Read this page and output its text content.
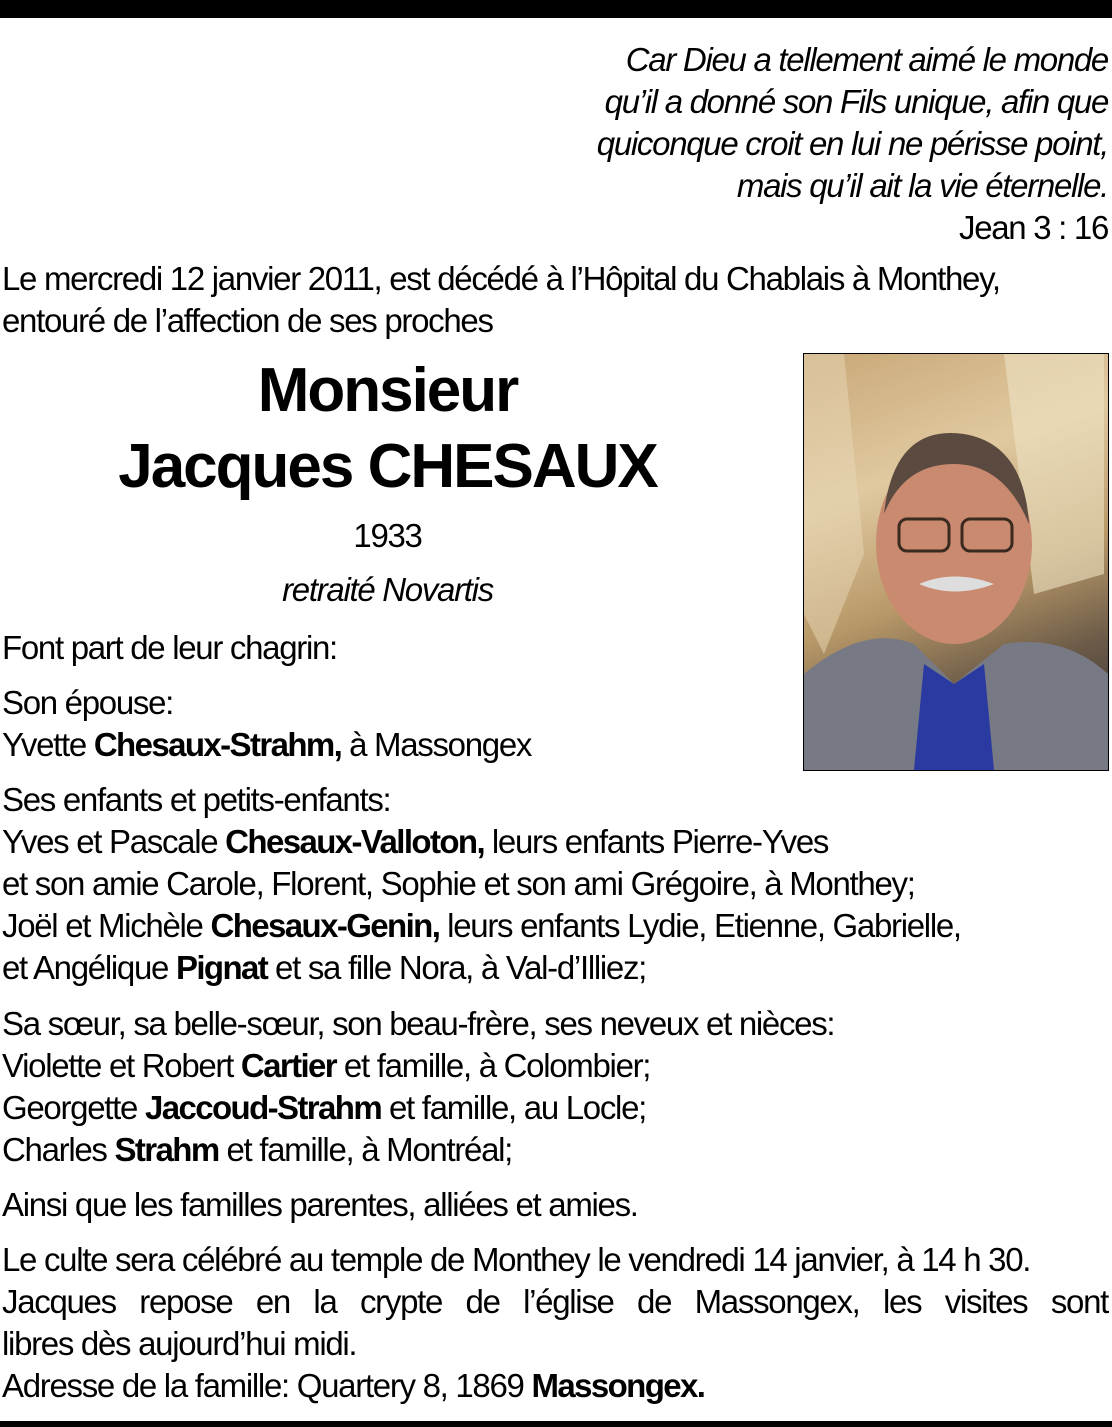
Car Dieu a tellement aimé le monde
qu’il a donné son Fils unique, afin que
quiconque croit en lui ne périsse point,
mais qu’il ait la vie éternelle.
Jean 3 : 16
Le mercredi 12 janvier 2011, est décédé à l’Hôpital du Chablais à Monthey,
entouré de l’affection de ses proches
Monsieur
Jacques CHESAUX
1933
retraité Novartis
Font part de leur chagrin:
Son épouse:
Yvette Chesaux-Strahm, à Massongex
Ses enfants et petits-enfants:
Yves et Pascale Chesaux-Valloton, leurs enfants Pierre-Yves
et son amie Carole, Florent, Sophie et son ami Grégoire, à Monthey;
Joël et Michèle Chesaux-Genin, leurs enfants Lydie, Etienne, Gabrielle,
et Angélique Pignat et sa fille Nora, à Val-d’Illiez;
Sa sœur, sa belle-sœur, son beau-frère, ses neveux et nièces:
Violette et Robert Cartier et famille, à Colombier;
Georgette Jaccoud-Strahm et famille, au Locle;
Charles Strahm et famille, à Montréal;
Ainsi que les familles parentes, alliées et amies.
Le culte sera célébré au temple de Monthey le vendredi 14 janvier, à 14 h 30.
Jacques repose en la crypte de l’église de Massongex, les visites sont
libres dès aujourd’hui midi.
Adresse de la famille: Quartery 8, 1869 Massongex.
